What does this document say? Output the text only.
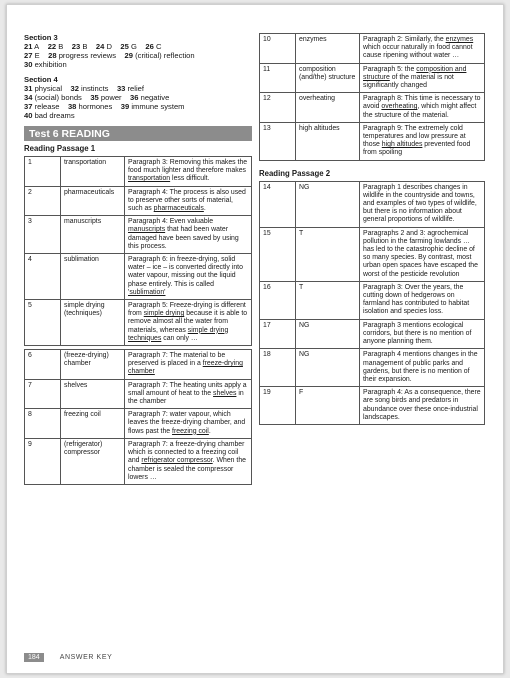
Section 3
21 A 22 B 23 B 24 D 25 G 26 C
27 E 28 progress reviews 29 (critical) reflection
30 exhibition
Section 4
31 physical 32 instincts 33 relief
34 (social) bonds 35 power 36 negative
37 release 38 hormones 39 immune system
40 bad dreams
Test 6 READING
Reading Passage 1
1	transportation	Paragraph 3: Removing this makes the food much lighter and therefore makes transportation less difficult.
2	pharmaceuticals	Paragraph 4: The process is also used to preserve other sorts of material, such as pharmaceuticals.
3	manuscripts	Paragraph 4: Even valuable manuscripts that had been water damaged have been saved by using this process.
4	sublimation	Paragraph 6: in freeze-drying, solid water – ice – is converted directly into water vapour, missing out the liquid phase entirely. This is called 'sublimation'
5	simple drying (techniques)	Paragraph 5: Freeze-drying is different from simple drying because it is able to remove almost all the water from materials, whereas simple drying techniques can only …

6	(freeze-drying) chamber	Paragraph 7: The material to be preserved is placed in a freeze-drying chamber
7	shelves	Paragraph 7: The heating units apply a small amount of heat to the shelves in the chamber
8	freezing coil	Paragraph 7: water vapour, which leaves the freeze-drying chamber, and flows past the freezing coil.
9	(refrigerator) compressor	Paragraph 7: a freeze-drying chamber which is connected to a freezing coil and refrigerator compressor. When the chamber is sealed the compressor lowers …
10	enzymes	Paragraph 2: Similarly, the enzymes which occur naturally in food cannot cause ripening without water …
11	composition (and/the) structure	Paragraph 5: the composition and structure of the material is not significantly changed
12	overheating	Paragraph 8: This time is necessary to avoid overheating, which might affect the structure of the material.
13	high altitudes	Paragraph 9: The extremely cold temperatures and low pressure at those high altitudes prevented food from spoiling
Reading Passage 2
14	NG	Paragraph 1 describes changes in wildlife in the countryside and towns, and examples of two types of wildlife, but there is no information about general proportions of wildlife.
15	T	Paragraphs 2 and 3: agrochemical pollution in the farming lowlands … has led to the catastrophic decline of so many species. By contrast, most urban open spaces have escaped the worst of the pesticide revolution
16	T	Paragraph 3: Over the years, the cutting down of hedgerows on farmland has contributed to habitat isolation and species loss.
17	NG	Paragraph 3 mentions ecological corridors, but there is no mention of anyone planning them.
18	NG	Paragraph 4 mentions changes in the management of public parks and gardens, but there is no mention of their expansion.
19	F	Paragraph 4: As a consequence, there are song birds and predators in abundance over these once-industrial landscapes.
184	ANSWER KEY
